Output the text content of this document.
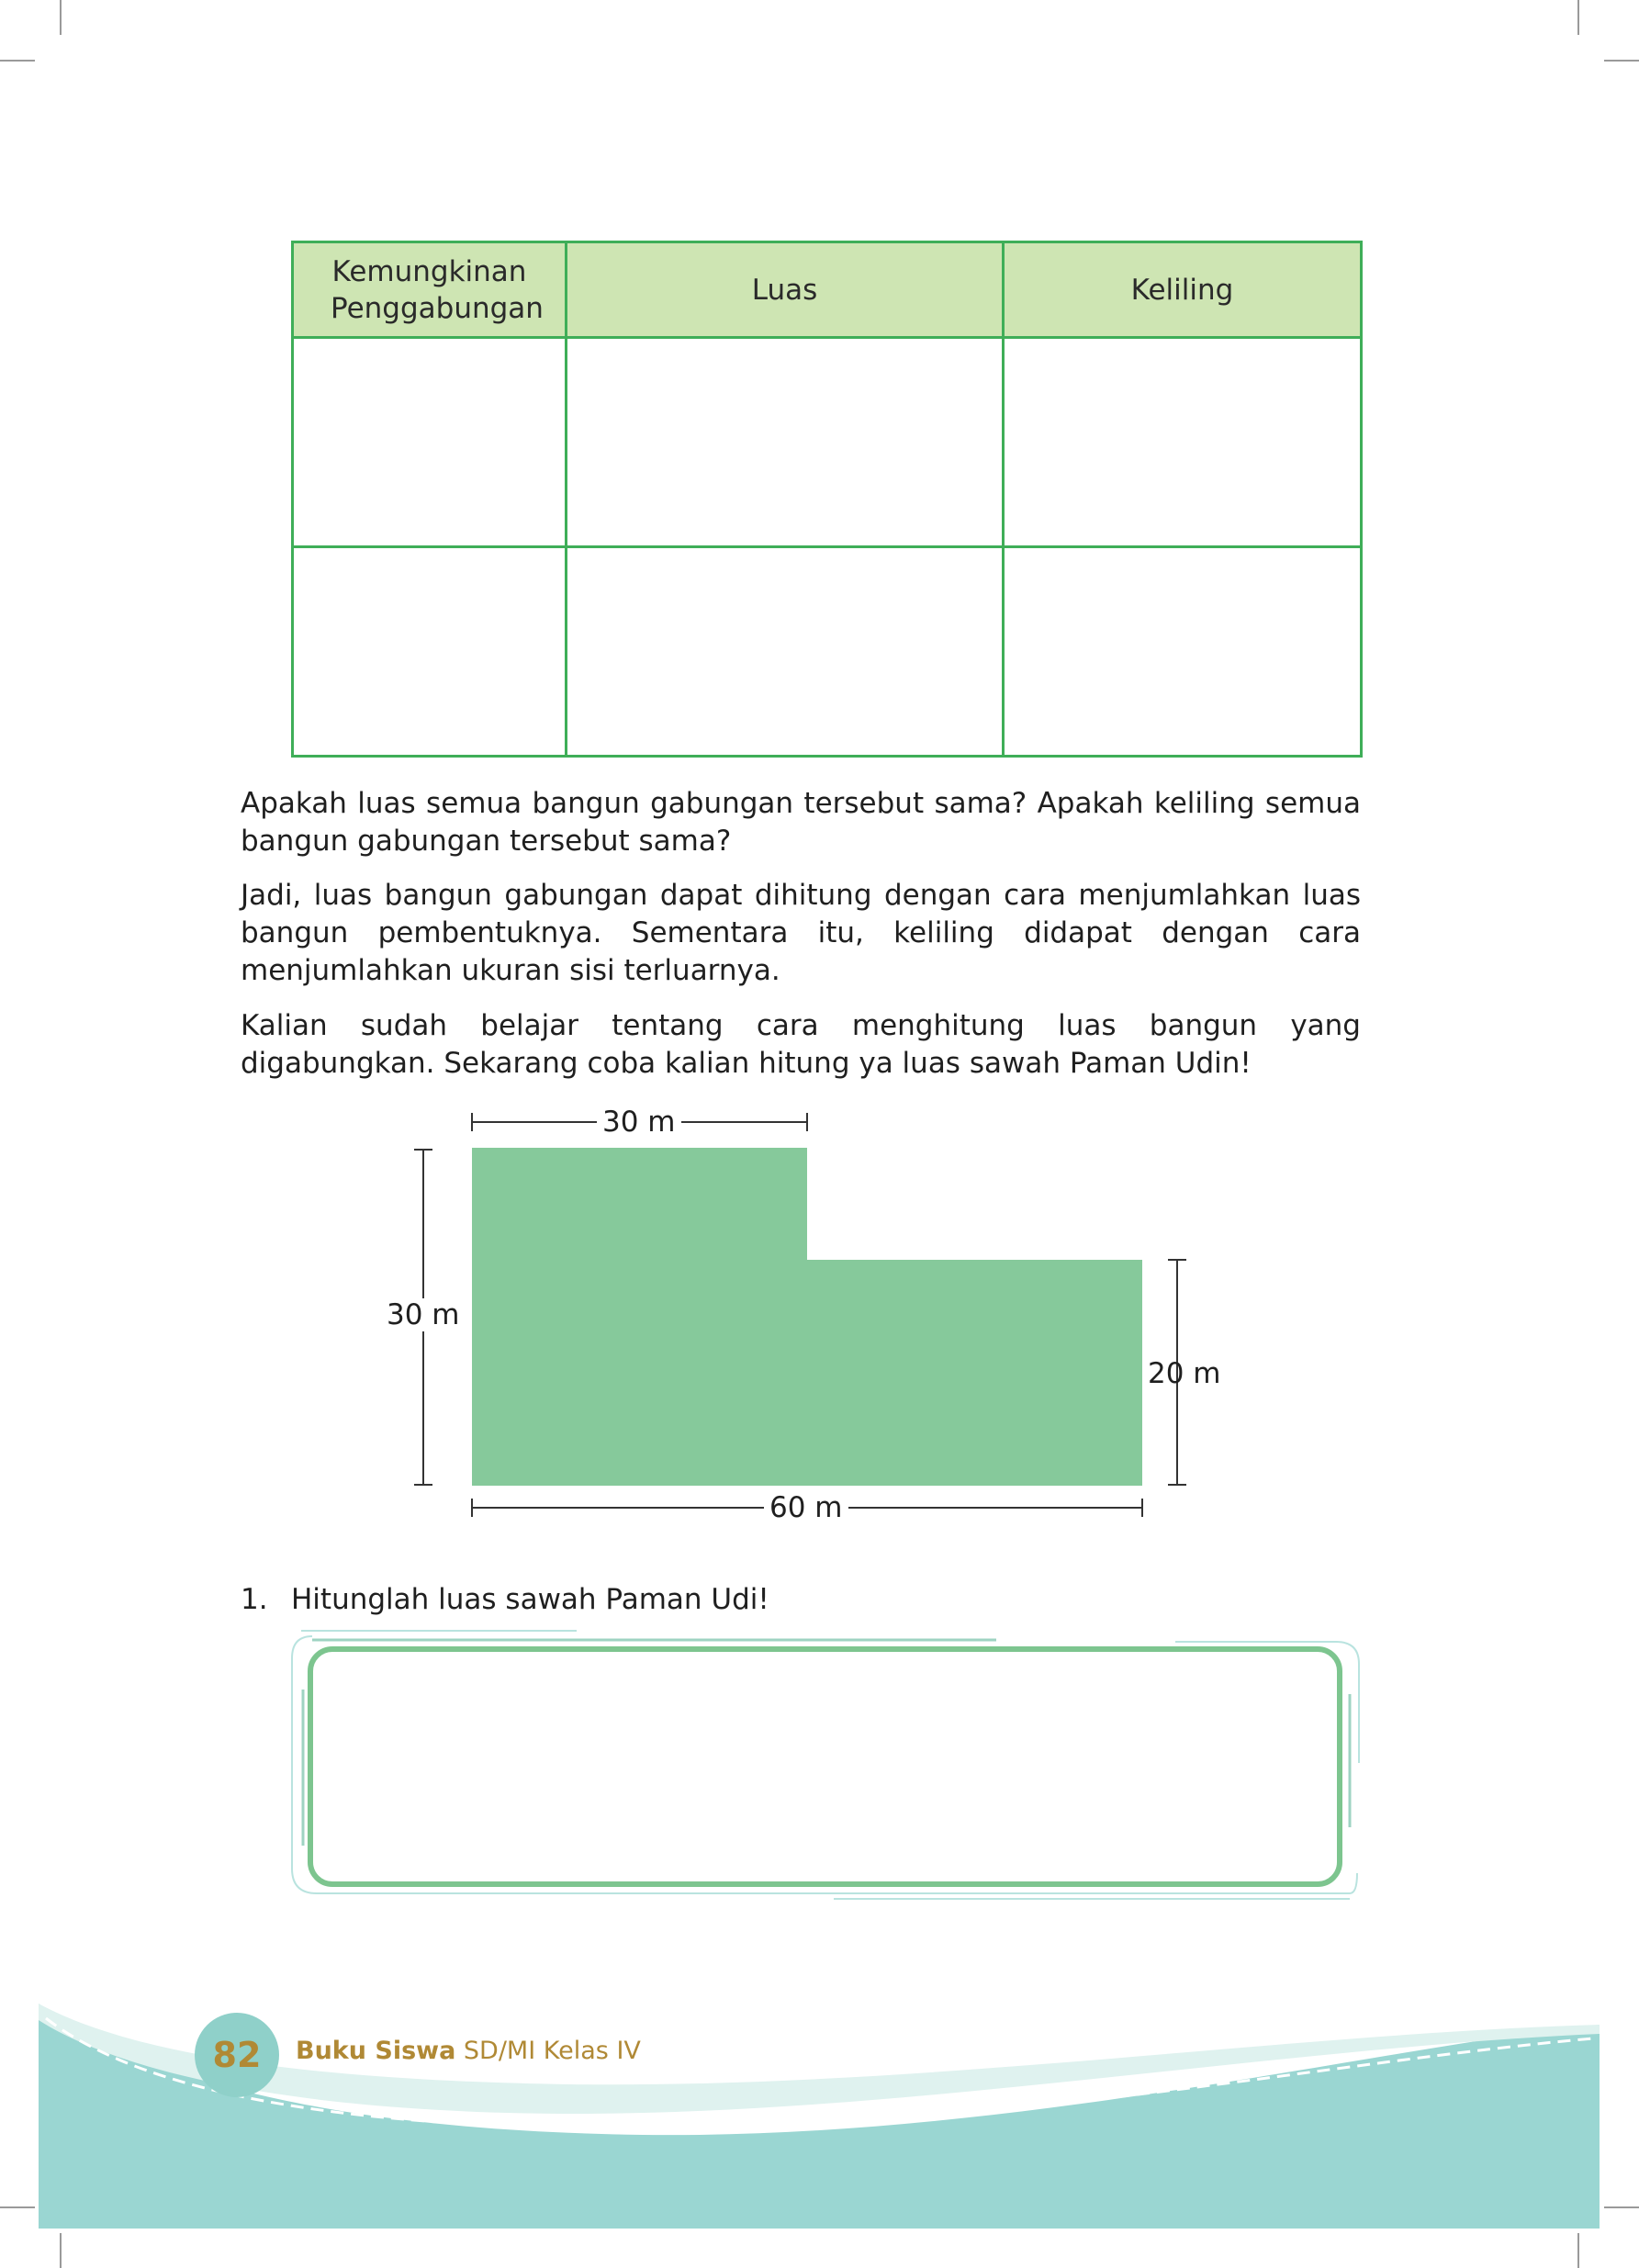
Kemungkinan Penggabungan	Luas	Keliling

Apakah luas semua bangun gabungan tersebut sama? Apakah keliling semua bangun gabungan tersebut sama?

Jadi, luas bangun gabungan dapat dihitung dengan cara menjumlahkan luas bangun pembentuknya. Sementara itu, keliling didapat dengan cara menjumlahkan ukuran sisi terluarnya.

Kalian sudah belajar tentang cara menghitung luas bangun yang digabungkan. Sekarang coba kalian hitung ya luas sawah Paman Udin!

30 m
30 m
20 m
60 m
1. Hitunglah luas sawah Paman Udi!
82	Buku Siswa SD/MI Kelas IV
